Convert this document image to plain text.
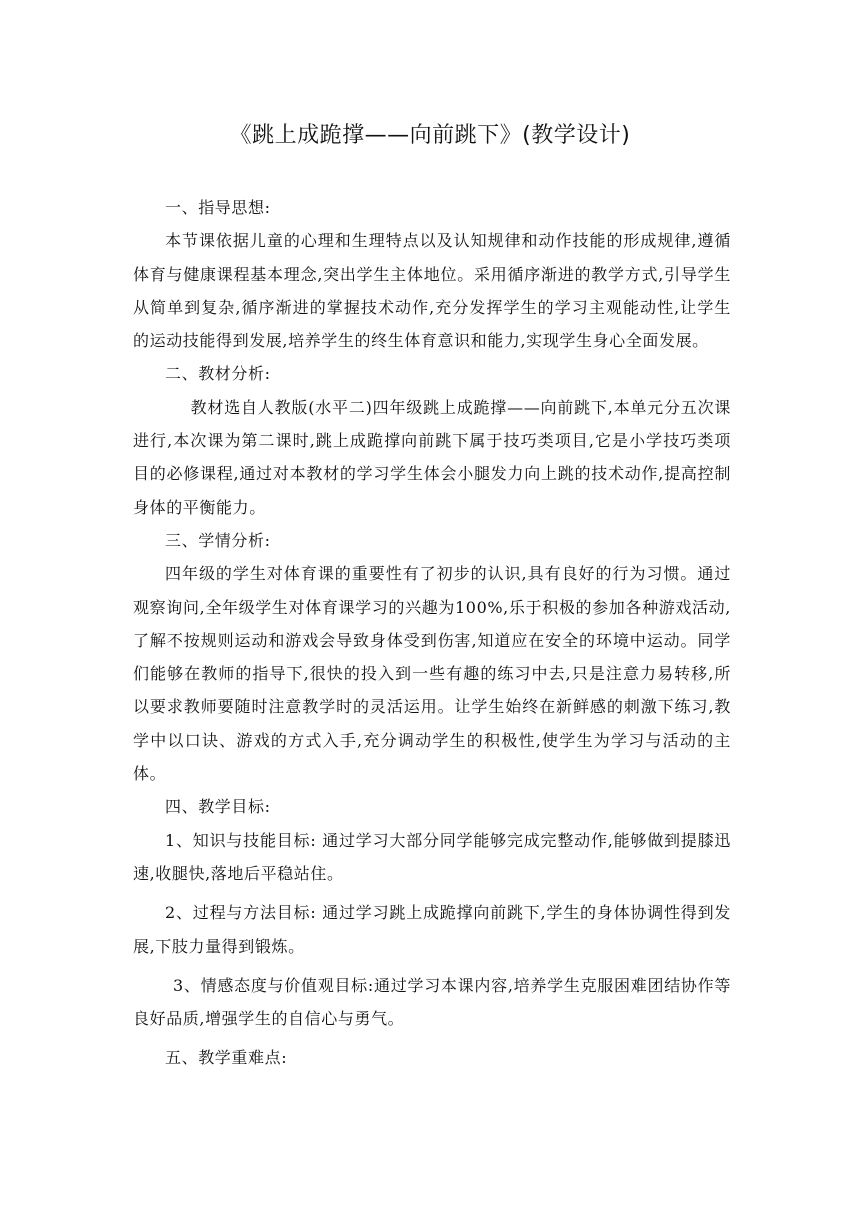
《跳上成跪撑——向前跳下》(教学设计)

一、指导思想:

本节课依据儿童的心理和生理特点以及认知规律和动作技能的形成规律,遵循体育与健康课程基本理念,突出学生主体地位。采用循序渐进的教学方式,引导学生从简单到复杂,循序渐进的掌握技术动作,充分发挥学生的学习主观能动性,让学生的运动技能得到发展,培养学生的终生体育意识和能力,实现学生身心全面发展。

二、教材分析:

教材选自人教版(水平二)四年级跳上成跪撑——向前跳下,本单元分五次课进行,本次课为第二课时,跳上成跪撑向前跳下属于技巧类项目,它是小学技巧类项目的必修课程,通过对本教材的学习学生体会小腿发力向上跳的技术动作,提高控制身体的平衡能力。

三、学情分析:

四年级的学生对体育课的重要性有了初步的认识,具有良好的行为习惯。通过观察询问,全年级学生对体育课学习的兴趣为100%,乐于积极的参加各种游戏活动,了解不按规则运动和游戏会导致身体受到伤害,知道应在安全的环境中运动。同学们能够在教师的指导下,很快的投入到一些有趣的练习中去,只是注意力易转移,所以要求教师要随时注意教学时的灵活运用。让学生始终在新鲜感的刺激下练习,教学中以口诀、游戏的方式入手,充分调动学生的积极性,使学生为学习与活动的主体。

四、教学目标:

1、知识与技能目标: 通过学习大部分同学能够完成完整动作,能够做到提膝迅速,收腿快,落地后平稳站住。

2、过程与方法目标: 通过学习跳上成跪撑向前跳下,学生的身体协调性得到发展,下肢力量得到锻炼。

3、情感态度与价值观目标:通过学习本课内容,培养学生克服困难团结协作等良好品质,增强学生的自信心与勇气。

五、教学重难点:
